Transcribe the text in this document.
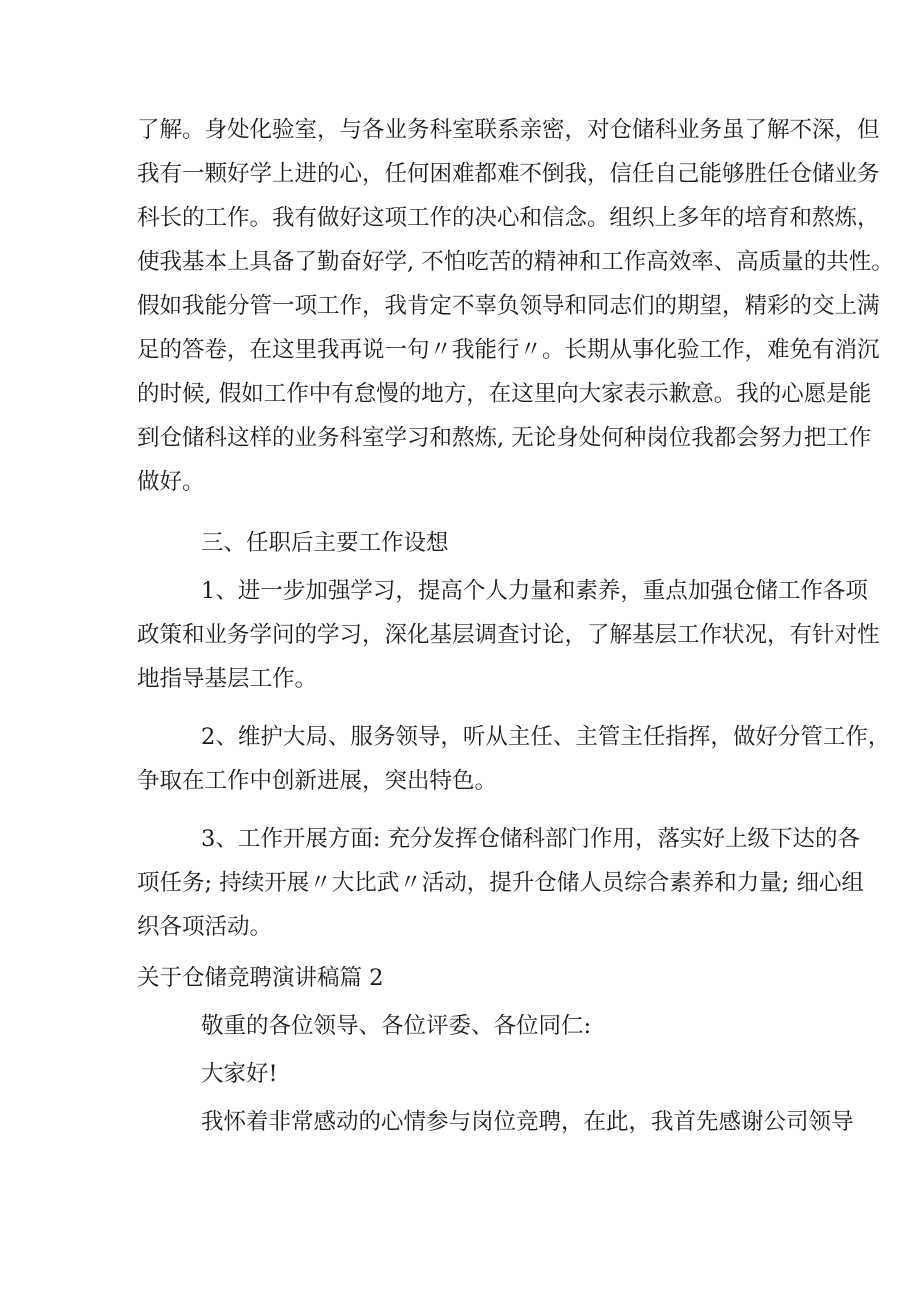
了解。身处化验室，与各业务科室联系亲密，对仓储科业务虽了解不深，但
我有一颗好学上进的心，任何困难都难不倒我，信任自己能够胜任仓储业务
科长的工作。我有做好这项工作的决心和信念。组织上多年的培育和熬炼，
使我基本上具备了勤奋好学, 不怕吃苦的精神和工作高效率、高质量的共性。
假如我能分管一项工作，我肯定不辜负领导和同志们的期望，精彩的交上满
足的答卷，在这里我再说一句〃我能行〃。长期从事化验工作，难免有消沉
的时候, 假如工作中有怠慢的地方，在这里向大家表示歉意。我的心愿是能
到仓储科这样的业务科室学习和熬炼, 无论身处何种岗位我都会努力把工作
做好。
三、任职后主要工作设想
1、进一步加强学习，提高个人力量和素养，重点加强仓储工作各项
政策和业务学问的学习，深化基层调查讨论，了解基层工作状况，有针对性
地指导基层工作。
2、维护大局、服务领导，听从主任、主管主任指挥，做好分管工作，
争取在工作中创新进展，突出特色。
3、工作开展方面: 充分发挥仓储科部门作用，落实好上级下达的各
项任务; 持续开展〃大比武〃活动，提升仓储人员综合素养和力量; 细心组
织各项活动。
关于仓储竞聘演讲稿篇 2
敬重的各位领导、各位评委、各位同仁:
大家好!
我怀着非常感动的心情参与岗位竞聘，在此，我首先感谢公司领导
